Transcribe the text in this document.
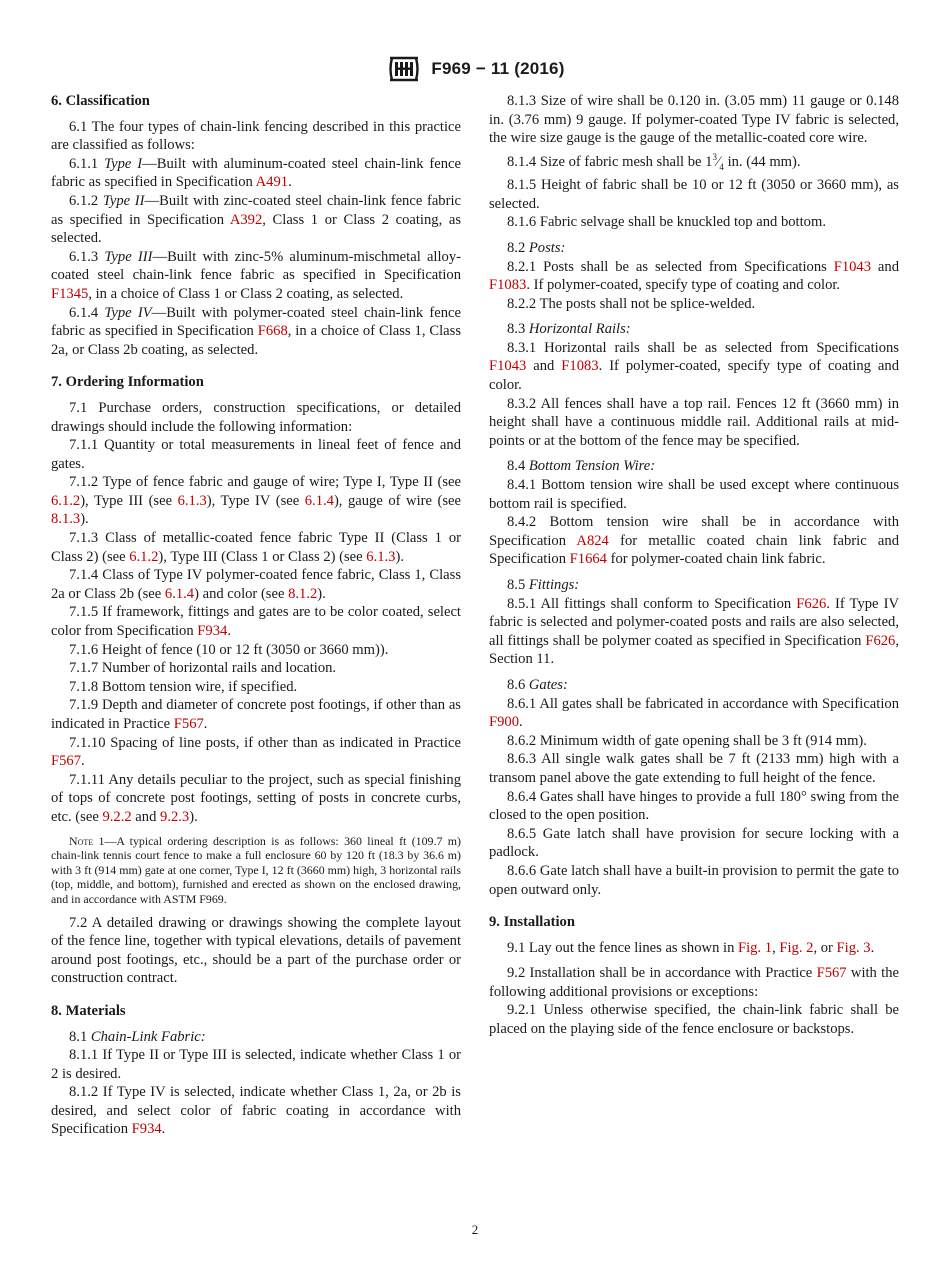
F969 − 11 (2016)
6. Classification

6.1 The four types of chain-link fencing described in this practice are classified as follows:

6.1.1 Type I—Built with aluminum-coated steel chain-link fence fabric as specified in Specification A491.

6.1.2 Type II—Built with zinc-coated steel chain-link fence fabric as specified in Specification A392, Class 1 or Class 2 coating, as selected.

6.1.3 Type III—Built with zinc-5% aluminum-mischmetal alloy-coated steel chain-link fence fabric as specified in Specification F1345, in a choice of Class 1 or Class 2 coating, as selected.

6.1.4 Type IV—Built with polymer-coated steel chain-link fence fabric as specified in Specification F668, in a choice of Class 1, Class 2a, or Class 2b coating, as selected.

7. Ordering Information

7.1 Purchase orders, construction specifications, or detailed drawings should include the following information:

7.1.1 Quantity or total measurements in lineal feet of fence and gates.

7.1.2 Type of fence fabric and gauge of wire; Type I, Type II (see 6.1.2), Type III (see 6.1.3), Type IV (see 6.1.4), gauge of wire (see 8.1.3).

7.1.3 Class of metallic-coated fence fabric Type II (Class 1 or Class 2) (see 6.1.2), Type III (Class 1 or Class 2) (see 6.1.3).

7.1.4 Class of Type IV polymer-coated fence fabric, Class 1, Class 2a or Class 2b (see 6.1.4) and color (see 8.1.2).

7.1.5 If framework, fittings and gates are to be color coated, select color from Specification F934.

7.1.6 Height of fence (10 or 12 ft (3050 or 3660 mm)).

7.1.7 Number of horizontal rails and location.

7.1.8 Bottom tension wire, if specified.

7.1.9 Depth and diameter of concrete post footings, if other than as indicated in Practice F567.

7.1.10 Spacing of line posts, if other than as indicated in Practice F567.

7.1.11 Any details peculiar to the project, such as special finishing of tops of concrete post footings, setting of posts in concrete curbs, etc. (see 9.2.2 and 9.2.3).

Note 1—A typical ordering description is as follows: 360 lineal ft (109.7 m) chain-link tennis court fence to make a full enclosure 60 by 120 ft (18.3 by 36.6 m) with 3 ft (914 mm) gate at one corner, Type I, 12 ft (3660 mm) high, 3 horizontal rails (top, middle, and bottom), furnished and erected as shown on the enclosed drawing, and in accordance with ASTM F969.

7.2 A detailed drawing or drawings showing the complete layout of the fence line, together with typical elevations, details of pavement around post footings, etc., should be a part of the purchase order or construction contract.

8. Materials

8.1 Chain-Link Fabric:

8.1.1 If Type II or Type III is selected, indicate whether Class 1 or 2 is desired.

8.1.2 If Type IV is selected, indicate whether Class 1, 2a, or 2b is desired, and select color of fabric coating in accordance with Specification F934.

8.1.3 Size of wire shall be 0.120 in. (3.05 mm) 11 gauge or 0.148 in. (3.76 mm) 9 gauge. If polymer-coated Type IV fabric is selected, the wire size gauge is the gauge of the metallic-coated core wire.

8.1.4 Size of fabric mesh shall be $1^3⁄_4$ in. (44 mm).

8.1.5 Height of fabric shall be 10 or 12 ft (3050 or 3660 mm), as selected.

8.1.6 Fabric selvage shall be knuckled top and bottom.

8.2 Posts:

8.2.1 Posts shall be as selected from Specifications F1043 and F1083. If polymer-coated, specify type of coating and color.

8.2.2 The posts shall not be splice-welded.

8.3 Horizontal Rails:

8.3.1 Horizontal rails shall be as selected from Specifications F1043 and F1083. If polymer-coated, specify type of coating and color.

8.3.2 All fences shall have a top rail. Fences 12 ft (3660 mm) in height shall have a continuous middle rail. Additional rails at mid-points or at the bottom of the fence may be specified.

8.4 Bottom Tension Wire:

8.4.1 Bottom tension wire shall be used except where continuous bottom rail is specified.

8.4.2 Bottom tension wire shall be in accordance with Specification A824 for metallic coated chain link fabric and Specification F1664 for polymer-coated chain link fabric.

8.5 Fittings:

8.5.1 All fittings shall conform to Specification F626. If Type IV fabric is selected and polymer-coated posts and rails are also selected, all fittings shall be polymer coated as specified in Specification F626, Section 11.

8.6 Gates:

8.6.1 All gates shall be fabricated in accordance with Specification F900.

8.6.2 Minimum width of gate opening shall be 3 ft (914 mm).

8.6.3 All single walk gates shall be 7 ft (2133 mm) high with a transom panel above the gate extending to full height of the fence.

8.6.4 Gates shall have hinges to provide a full 180° swing from the closed to the open position.

8.6.5 Gate latch shall have provision for secure locking with a padlock.

8.6.6 Gate latch shall have a built-in provision to permit the gate to open outward only.

9. Installation

9.1 Lay out the fence lines as shown in Fig. 1, Fig. 2, or Fig. 3.

9.2 Installation shall be in accordance with Practice F567 with the following additional provisions or exceptions:

9.2.1 Unless otherwise specified, the chain-link fabric shall be placed on the playing side of the fence enclosure or backstops.

2
